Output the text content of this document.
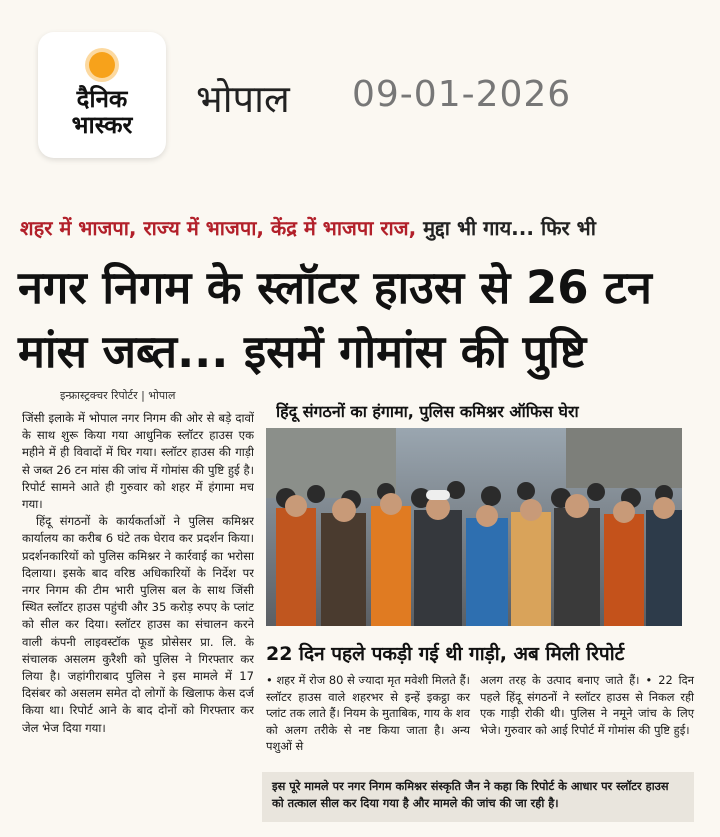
दैनिक
भास्कर
भोपाल 09-01-2026
शहर में भाजपा, राज्य में भाजपा, केंद्र में भाजपा राज, मुद्दा भी गाय... फिर भी
नगर निगम के स्लॉटर हाउस से 26 टन
मांस जब्त... इसमें गोमांस की पुष्टि
इन्फ्रास्ट्रक्चर रिपोर्टर | भोपाल

जिंसी इलाके में भोपाल नगर निगम की ओर से बड़े दावों के साथ शुरू किया गया आधुनिक स्लॉटर हाउस एक महीने में ही विवादों में घिर गया। स्लॉटर हाउस की गाड़ी से जब्त 26 टन मांस की जांच में गोमांस की पुष्टि हुई है। रिपोर्ट सामने आते ही गुरुवार को शहर में हंगामा मच गया।

हिंदू संगठनों के कार्यकर्ताओं ने पुलिस कमिश्नर कार्यालय का करीब 6 घंटे तक घेराव कर प्रदर्शन किया। प्रदर्शनकारियों को पुलिस कमिश्नर ने कार्रवाई का भरोसा दिलाया। इसके बाद वरिष्ठ अधिकारियों के निर्देश पर नगर निगम की टीम भारी पुलिस बल के साथ जिंसी स्थित स्लॉटर हाउस पहुंची और 35 करोड़ रुपए के प्लांट को सील कर दिया। स्लॉटर हाउस का संचालन करने वाली कंपनी लाइवस्टॉक फूड प्रोसेसर प्रा. लि. के संचालक असलम कुरैशी को पुलिस ने गिरफ्तार कर लिया है। जहांगीराबाद पुलिस ने इस मामले में 17 दिसंबर को असलम समेत दो लोगों के खिलाफ केस दर्ज किया था। रिपोर्ट आने के बाद दोनों को गिरफ्तार कर जेल भेज दिया गया।

हिंदू संगठनों का हंगामा, पुलिस कमिश्नर ऑफिस घेरा
22 दिन पहले पकड़ी गई थी गाड़ी, अब मिली रिपोर्ट
• शहर में रोज 80 से ज्यादा मृत मवेशी मिलते हैं। स्लॉटर हाउस वाले शहरभर से इन्हें इकट्ठा कर प्लांट तक लाते हैं। नियम के मुताबिक, गाय के शव को अलग तरीके से नष्ट किया जाता है। अन्य पशुओं से
अलग तरह के उत्पाद बनाए जाते हैं। • 22 दिन पहले हिंदू संगठनों ने स्लॉटर हाउस से निकल रही एक गाड़ी रोकी थी। पुलिस ने नमूने जांच के लिए भेजे। गुरुवार को आई रिपोर्ट में गोमांस की पुष्टि हुई।
इस पूरे मामले पर नगर निगम कमिश्नर संस्कृति जैन ने कहा कि रिपोर्ट के आधार पर स्लॉटर हाउस को तत्काल सील कर दिया गया है और मामले की जांच की जा रही है।
